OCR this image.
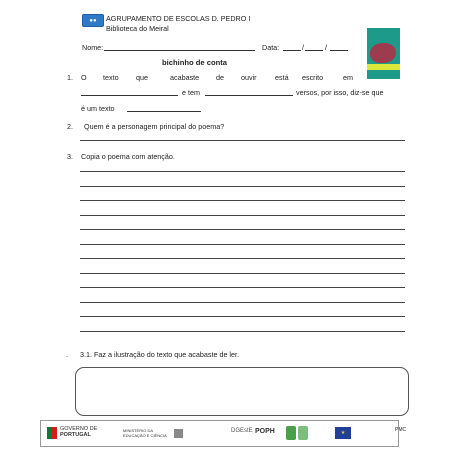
●●	AGRUPAMENTO DE ESCOLAS D. PEDRO I
Biblioteca do Meiral
Nome:	Data:	/	/
bichinho de conta
1. O texto que	acabaste de ouvir	está escrito	em
e tem	versos, por isso, diz-se que
é um texto
2. Quem é a personagem principal do poema?
3. Copia o poema com atenção.
. 3.1. Faz a ilustração do texto que acabaste de ler.
PMC
GOVERNO DE
PORTUGAL
MINISTÉRIO DA EDUCAÇÃO E CIÊNCIA
DGEstE POPH	★
